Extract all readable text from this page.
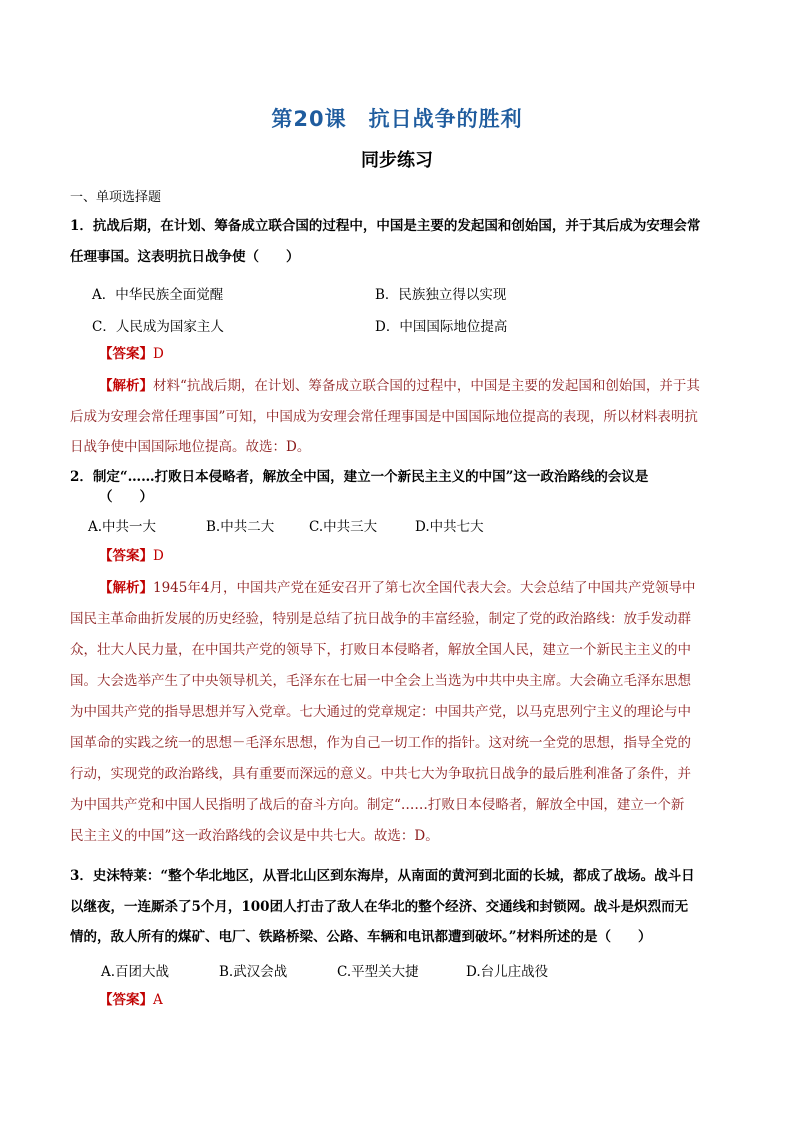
第20课　抗日战争的胜利
同步练习
一、单项选择题
1．抗战后期，在计划、筹备成立联合国的过程中，中国是主要的发起国和创始国，并于其后成为安理会常
任理事国。这表明抗日战争使（　　）
A．中华民族全面觉醒	B．民族独立得以实现
C．人民成为国家主人	D．中国国际地位提高
【答案】D
【解析】材料“抗战后期，在计划、筹备成立联合国的过程中，中国是主要的发起国和创始国，并于其
后成为安理会常任理事国”可知，中国成为安理会常任理事国是中国国际地位提高的表现，所以材料表明抗
日战争使中国国际地位提高。故选：D。
2．制定“……打败日本侵略者，解放全中国，建立一个新民主主义的中国”这一政治路线的会议是
（　　）
A.中共一大	B.中共二大	C.中共三大	D.中共七大
【答案】D
【解析】1945年4月，中国共产党在延安召开了第七次全国代表大会。大会总结了中国共产党领导中
国民主革命曲折发展的历史经验，特别是总结了抗日战争的丰富经验，制定了党的政治路线：放手发动群
众，壮大人民力量，在中国共产党的领导下，打败日本侵略者，解放全国人民，建立一个新民主主义的中
国。大会选举产生了中央领导机关，毛泽东在七届一中全会上当选为中共中央主席。大会确立毛泽东思想
为中国共产党的指导思想并写入党章。七大通过的党章规定：中国共产党，以马克思列宁主义的理论与中
国革命的实践之统一的思想－毛泽东思想，作为自己一切工作的指针。这对统一全党的思想，指导全党的
行动，实现党的政治路线，具有重要而深远的意义。中共七大为争取抗日战争的最后胜利准备了条件，并
为中国共产党和中国人民指明了战后的奋斗方向。制定“……打败日本侵略者，解放全中国，建立一个新
民主主义的中国”这一政治路线的会议是中共七大。故选：D。
3．史沫特莱：“整个华北地区，从晋北山区到东海岸，从南面的黄河到北面的长城，都成了战场。战斗日
以继夜，一连厮杀了5个月，100团人打击了敌人在华北的整个经济、交通线和封锁网。战斗是炽烈而无
情的，敌人所有的煤矿、电厂、铁路桥梁、公路、车辆和电讯都遭到破坏。”材料所述的是（　　）
A.百团大战	B.武汉会战	C.平型关大捷	D.台儿庄战役
【答案】A
